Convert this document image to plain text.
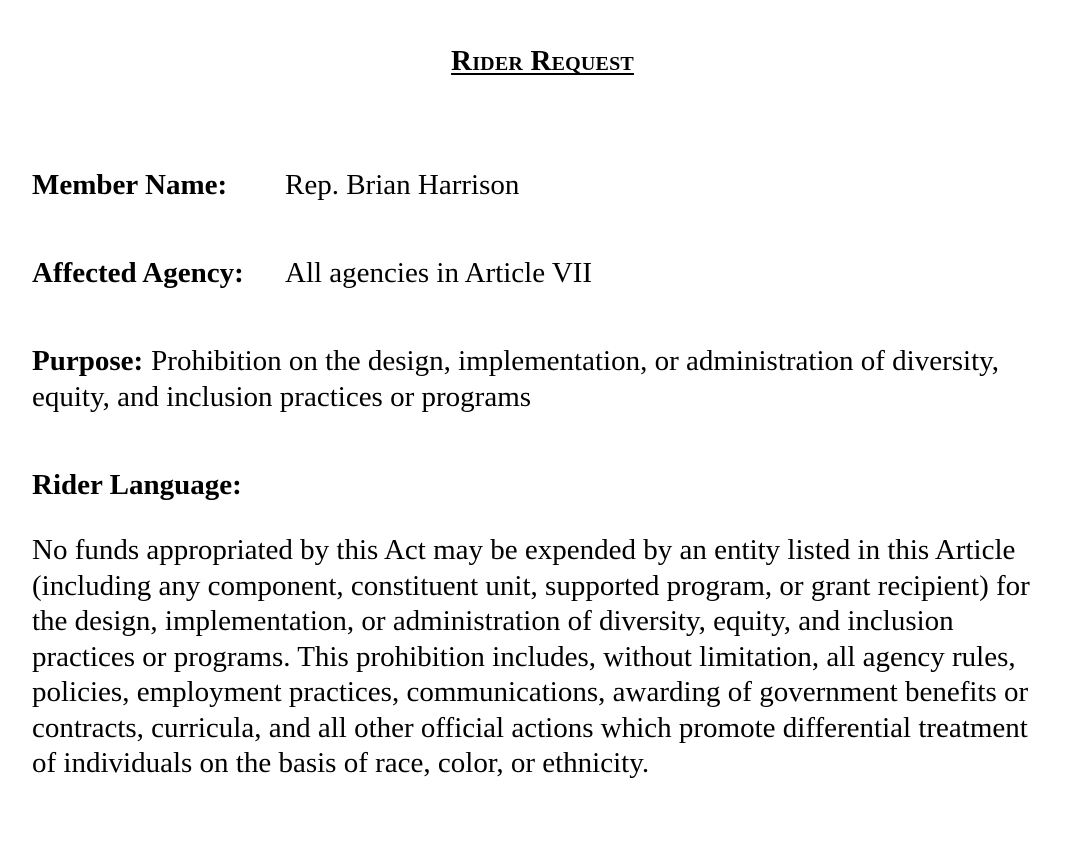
Rider Request
Member Name: Rep. Brian Harrison
Affected Agency: All agencies in Article VII
Purpose: Prohibition on the design, implementation, or administration of diversity, equity, and inclusion practices or programs
Rider Language:
No funds appropriated by this Act may be expended by an entity listed in this Article (including any component, constituent unit, supported program, or grant recipient) for the design, implementation, or administration of diversity, equity, and inclusion practices or programs. This prohibition includes, without limitation, all agency rules, policies, employment practices, communications, awarding of government benefits or contracts, curricula, and all other official actions which promote differential treatment of individuals on the basis of race, color, or ethnicity.
